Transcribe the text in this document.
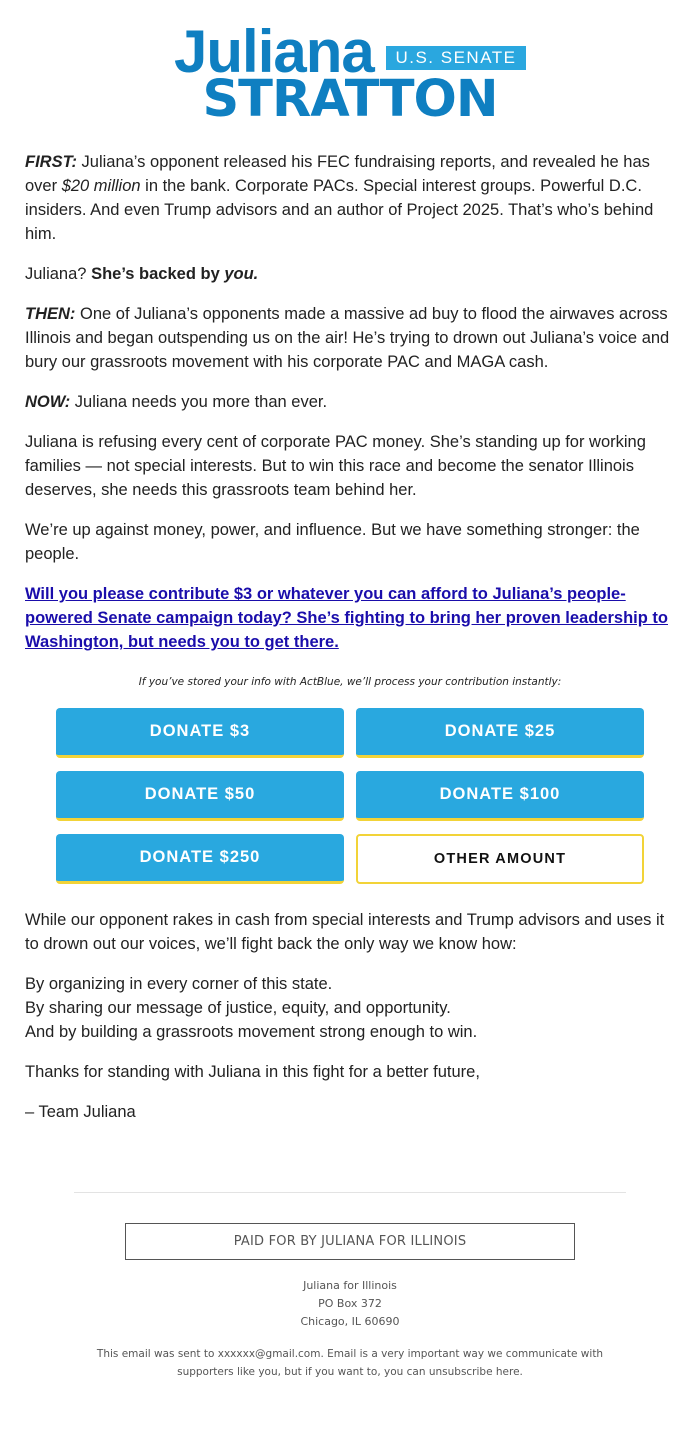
Juliana	U.S. SENATE
STRATTON

FIRST: Juliana’s opponent released his FEC fundraising reports, and revealed he has over $20 million in the bank. Corporate PACs. Special interest groups. Powerful D.C. insiders. And even Trump advisors and an author of Project 2025. That’s who’s behind him.

Juliana? She’s backed by you.

THEN: One of Juliana’s opponents made a massive ad buy to flood the airwaves across Illinois and began outspending us on the air! He’s trying to drown out Juliana’s voice and bury our grassroots movement with his corporate PAC and MAGA cash.

NOW: Juliana needs you more than ever.

Juliana is refusing every cent of corporate PAC money. She’s standing up for working families — not special interests. But to win this race and become the senator Illinois deserves, she needs this grassroots team behind her.

We’re up against money, power, and influence. But we have something stronger: the people.

Will you please contribute $3 or whatever you can afford to Juliana’s people-powered Senate campaign today? She’s fighting to bring her proven leadership to Washington, but needs you to get there.
If you’ve stored your info with ActBlue, we’ll process your contribution instantly:
DONATE $3	DONATE $25
DONATE $50	DONATE $100
DONATE $250	OTHER AMOUNT

While our opponent rakes in cash from special interests and Trump advisors and uses it to drown out our voices, we’ll fight back the only way we know how:

By organizing in every corner of this state.
By sharing our message of justice, equity, and opportunity.
And by building a grassroots movement strong enough to win.

Thanks for standing with Juliana in this fight for a better future,

– Team Juliana

PAID FOR BY JULIANA FOR ILLINOIS
Juliana for Illinois
PO Box 372
Chicago, IL 60690
This email was sent to xxxxxx@gmail.com. Email is a very important way we communicate with supporters like you, but if you want to, you can unsubscribe here.
